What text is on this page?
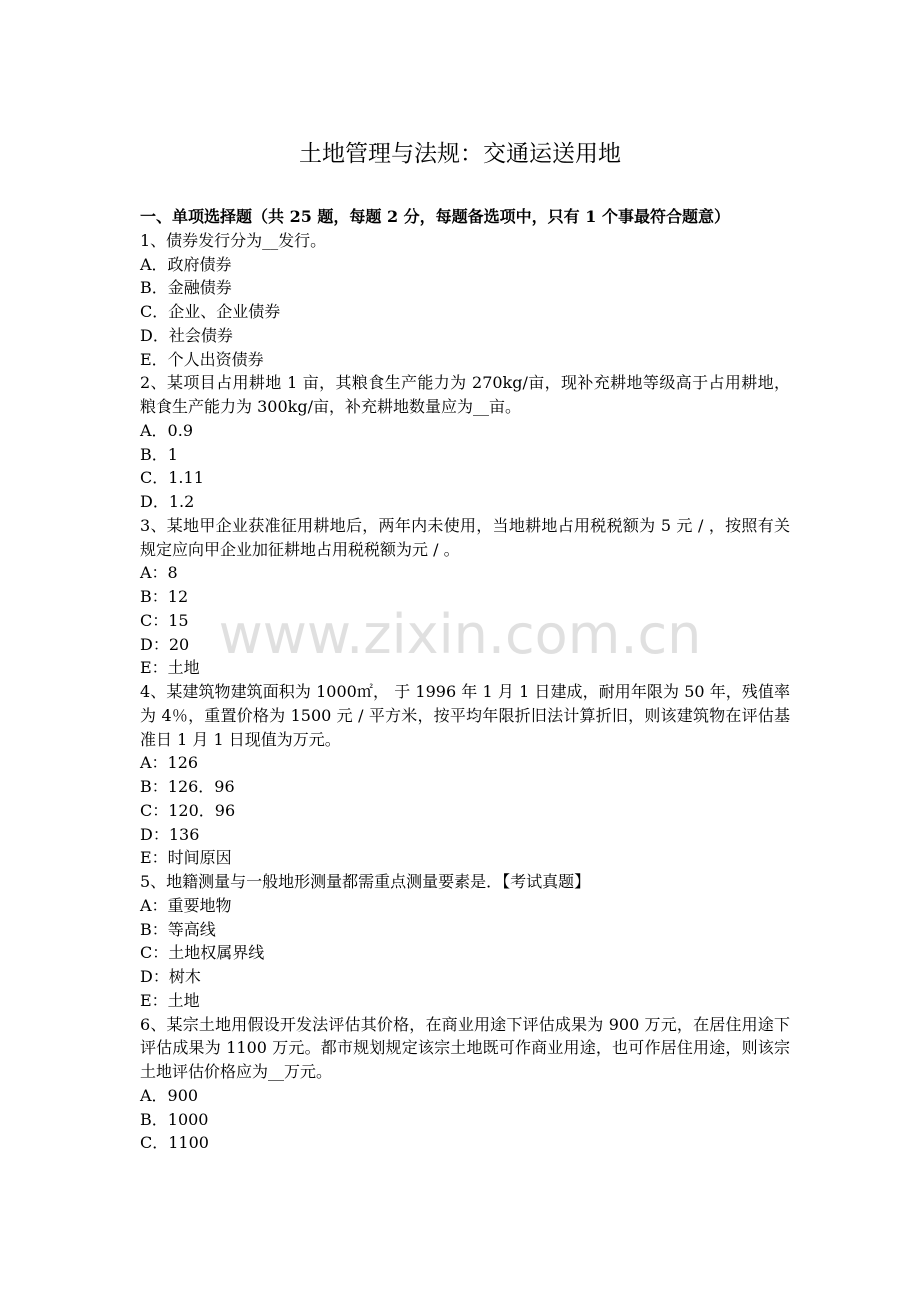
土地管理与法规：交通运送用地
一、单项选择题（共 25 题，每题 2 分，每题备选项中，只有 1 个事最符合题意）
1、债券发行分为__发行。
A．政府债券
B．金融债券
C．企业、企业债券
D．社会债券
E．个人出资债券
2、某项目占用耕地 1 亩，其粮食生产能力为 270kg/亩，现补充耕地等级高于占用耕地，粮食生产能力为 300kg/亩，补充耕地数量应为__亩。
A．0.9
B．1
C．1.11
D．1.2
3、某地甲企业获准征用耕地后，两年内未使用，当地耕地占用税税额为 5 元 / ，按照有关规定应向甲企业加征耕地占用税税额为元 / 。
A：8
B：12
C：15
D：20
E：土地
4、某建筑物建筑面积为 1000㎡， 于 1996 年 1 月 1 日建成，耐用年限为 50 年，残值率为 4％，重置价格为 1500 元 / 平方米，按平均年限折旧法计算折旧，则该建筑物在评估基准日 1 月 1 日现值为万元。
A：126
B：126．96
C：120．96
D：136
E：时间原因
5、地籍测量与一般地形测量都需重点测量要素是．【考试真题】
A：重要地物
B：等高线
C：土地权属界线
D：树木
E：土地
6、某宗土地用假设开发法评估其价格，在商业用途下评估成果为 900 万元，在居住用途下评估成果为 1100 万元。都市规划规定该宗土地既可作商业用途，也可作居住用途，则该宗土地评估价格应为__万元。
A．900
B．1000
C．1100
www.zixin.com.cn
